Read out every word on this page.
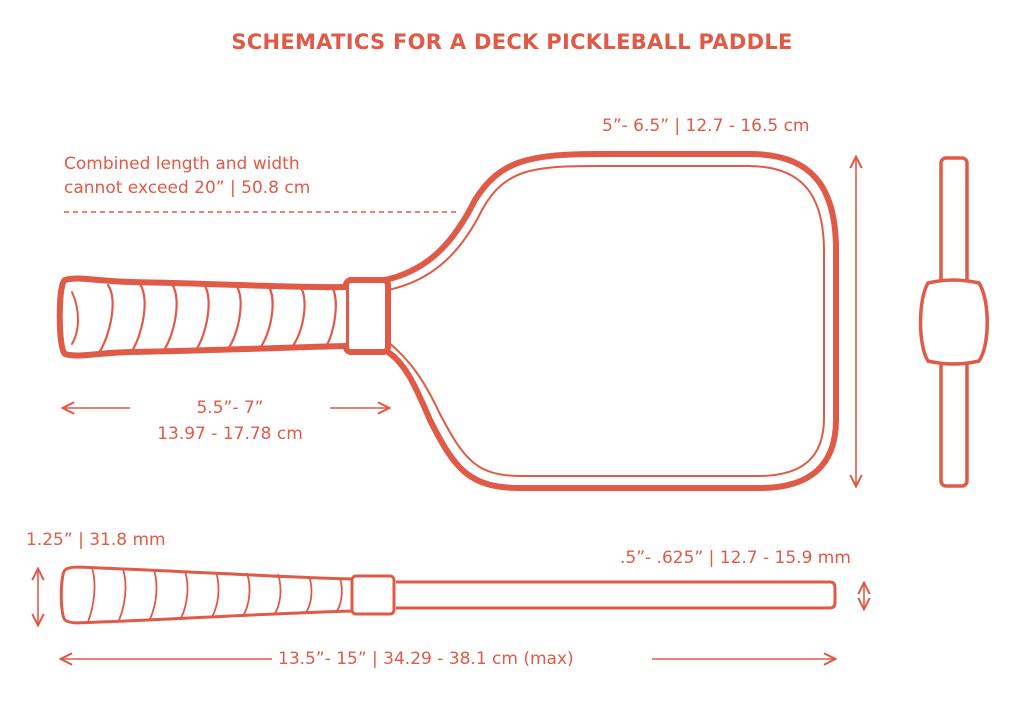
SCHEMATICS FOR A DECK PICKLEBALL PADDLE
5”- 6.5” | 12.7 - 16.5 cm
Combined length and width
cannot exceed 20” | 50.8 cm
5.5”- 7”
13.97 - 17.78 cm
1.25” | 31.8 mm
.5”- .625” | 12.7 - 15.9 mm
13.5”- 15” | 34.29 - 38.1 cm (max)
